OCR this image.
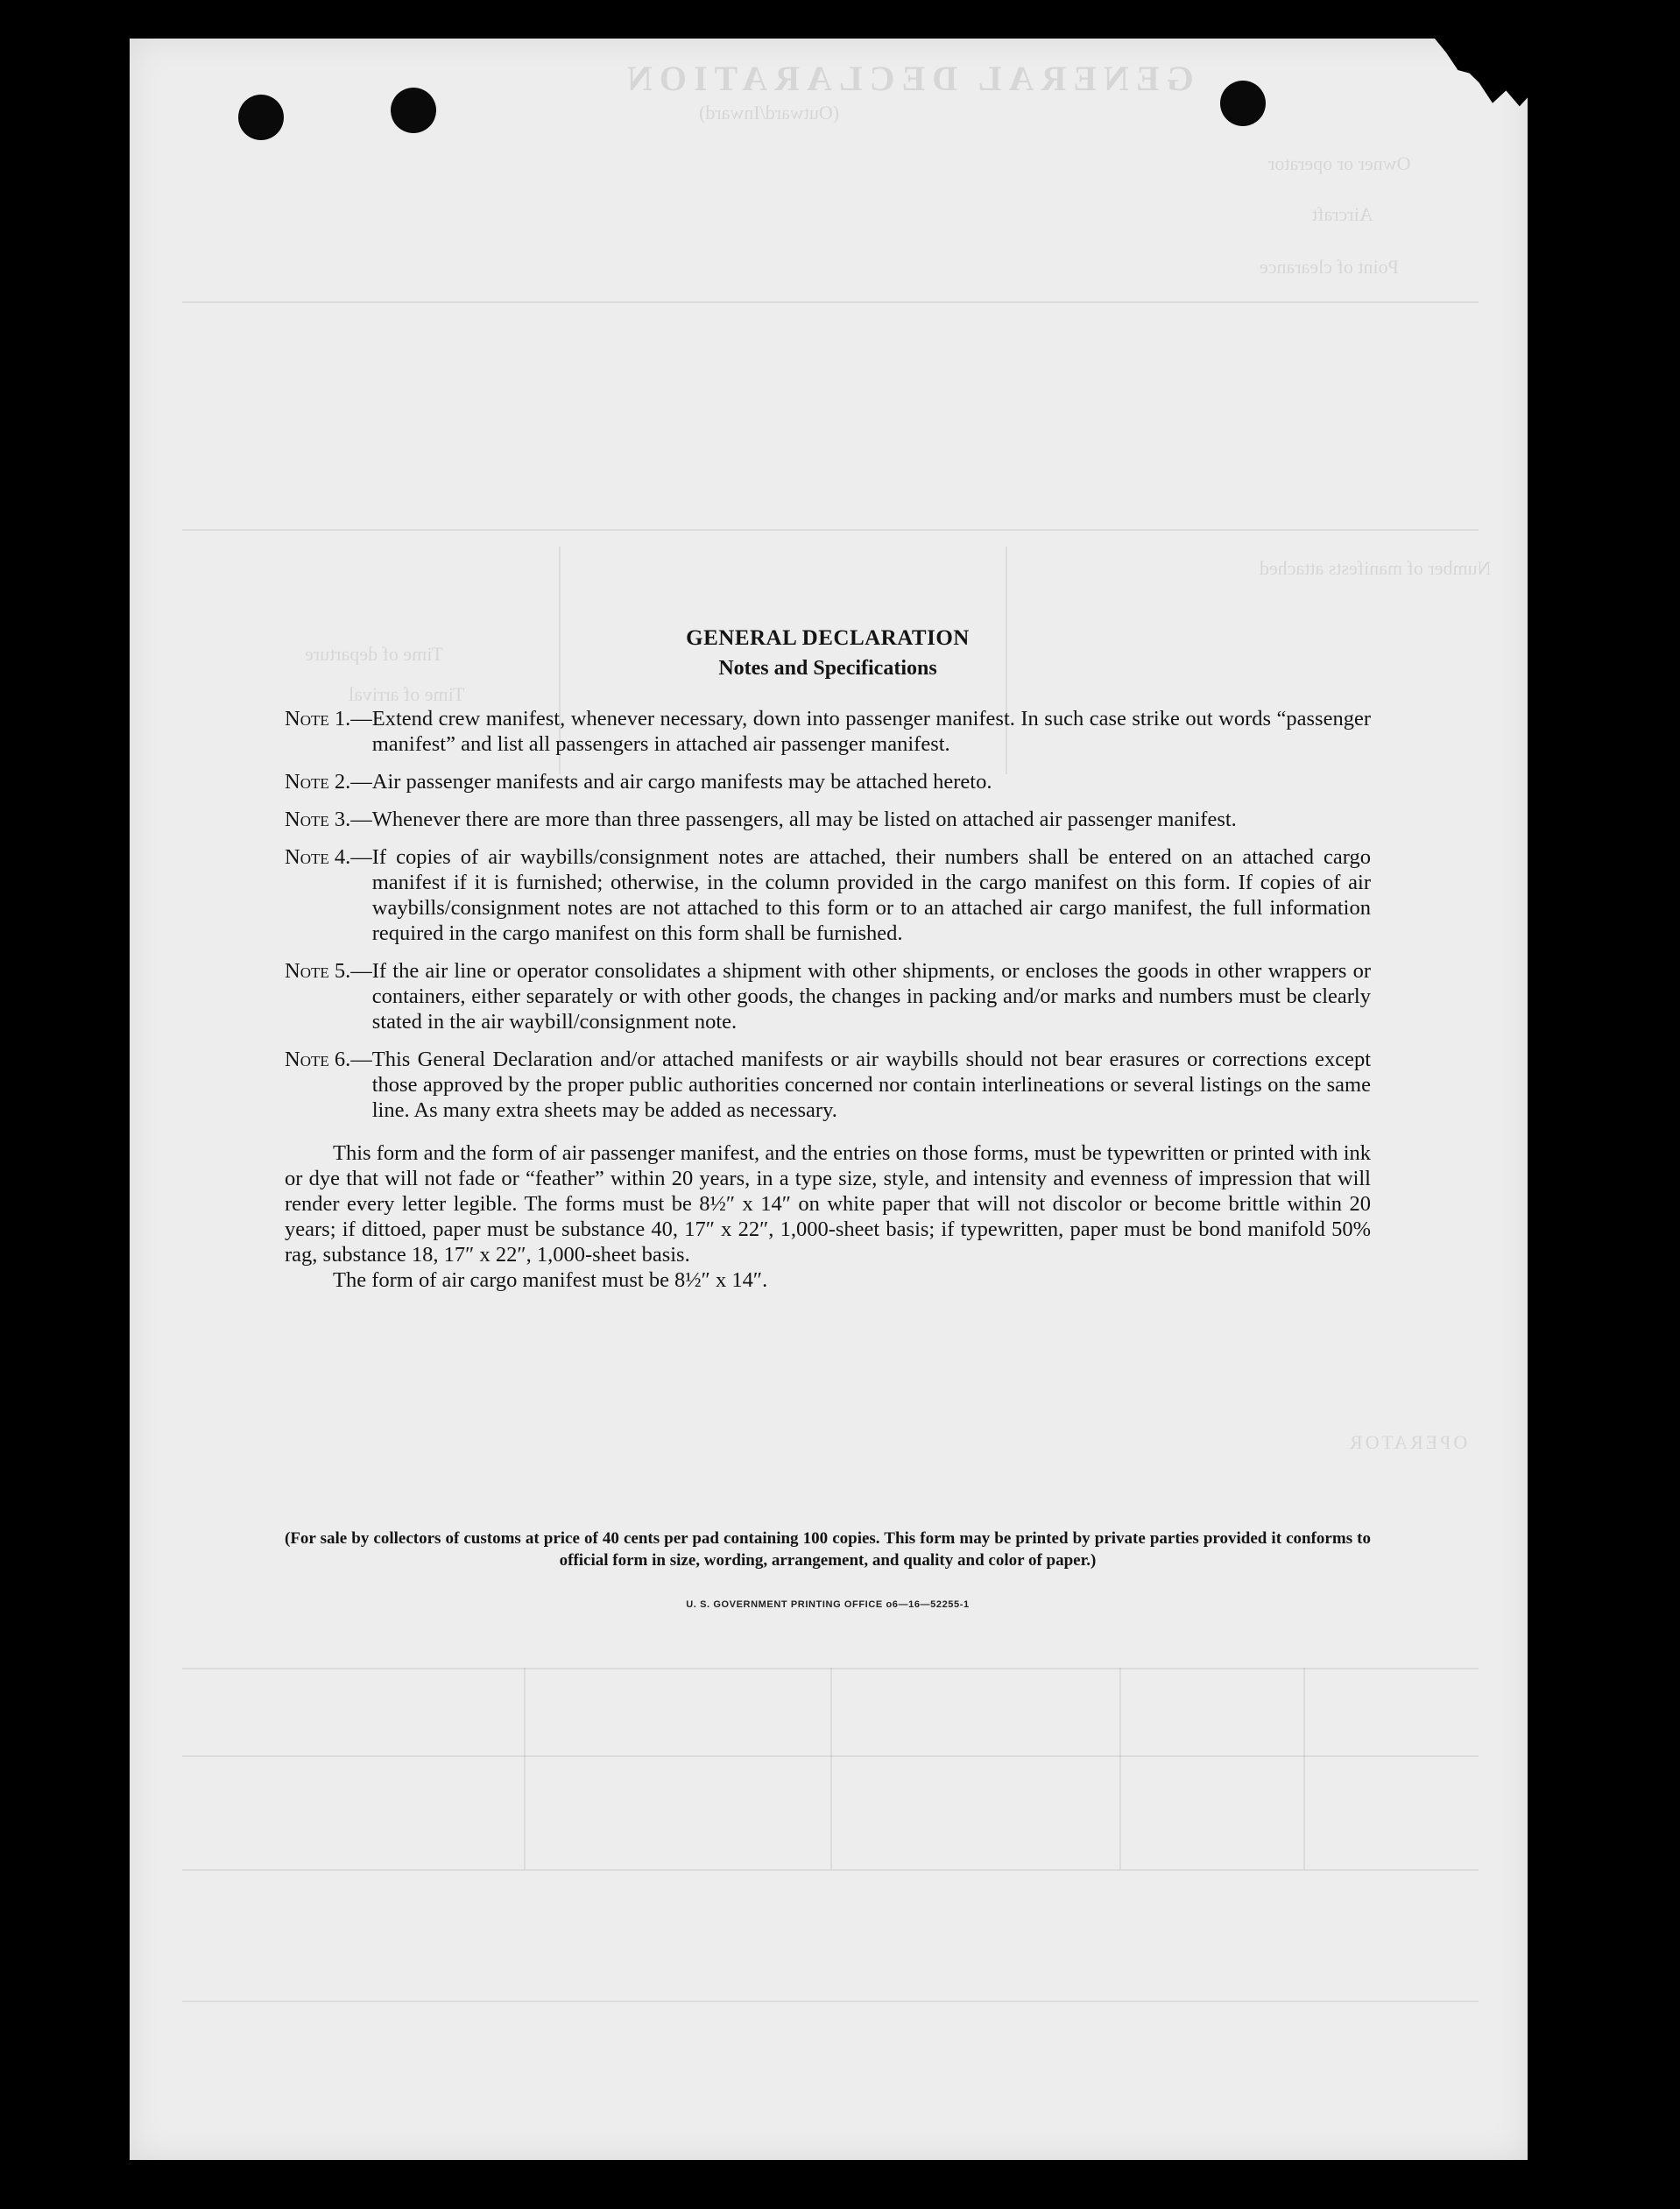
GENERAL DECLARATION
(Outward/Inward)
Owner or operator
Aircraft
Point of clearance
Number of manifests attached
Time of departure
Time of arrival
OPERATOR
GENERAL DECLARATION
Notes and Specifications
Note 1.— Extend crew manifest, whenever necessary, down into passenger manifest. In such case strike out words “passenger manifest” and list all passengers in attached air passenger manifest.
Note 2.— Air passenger manifests and air cargo manifests may be attached hereto.
Note 3.— Whenever there are more than three passengers, all may be listed on attached air passenger manifest.
Note 4.— If copies of air waybills/consignment notes are attached, their numbers shall be entered on an attached cargo manifest if it is furnished; otherwise, in the column provided in the cargo manifest on this form. If copies of air waybills/consignment notes are not attached to this form or to an attached air cargo manifest, the full information required in the cargo manifest on this form shall be furnished.
Note 5.— If the air line or operator consolidates a shipment with other shipments, or encloses the goods in other wrappers or containers, either separately or with other goods, the changes in packing and/or marks and numbers must be clearly stated in the air waybill/consignment note.
Note 6.— This General Declaration and/or attached manifests or air waybills should not bear erasures or corrections except those approved by the proper public authorities concerned nor contain interlineations or several listings on the same line. As many extra sheets may be added as necessary.
This form and the form of air passenger manifest, and the entries on those forms, must be typewritten or printed with ink or dye that will not fade or “feather” within 20 years, in a type size, style, and intensity and evenness of impression that will render every letter legible. The forms must be 8½″ x 14″ on white paper that will not discolor or become brittle within 20 years; if dittoed, paper must be substance 40, 17″ x 22″, 1,000-sheet basis; if typewritten, paper must be bond manifold 50% rag, substance 18, 17″ x 22″, 1,000-sheet basis.
The form of air cargo manifest must be 8½″ x 14″.
(For sale by collectors of customs at price of 40 cents per pad containing 100 copies. This form may be printed by private parties provided it conforms to official form in size, wording, arrangement, and quality and color of paper.)
U. S. GOVERNMENT PRINTING OFFICE o6—16—52255-1
